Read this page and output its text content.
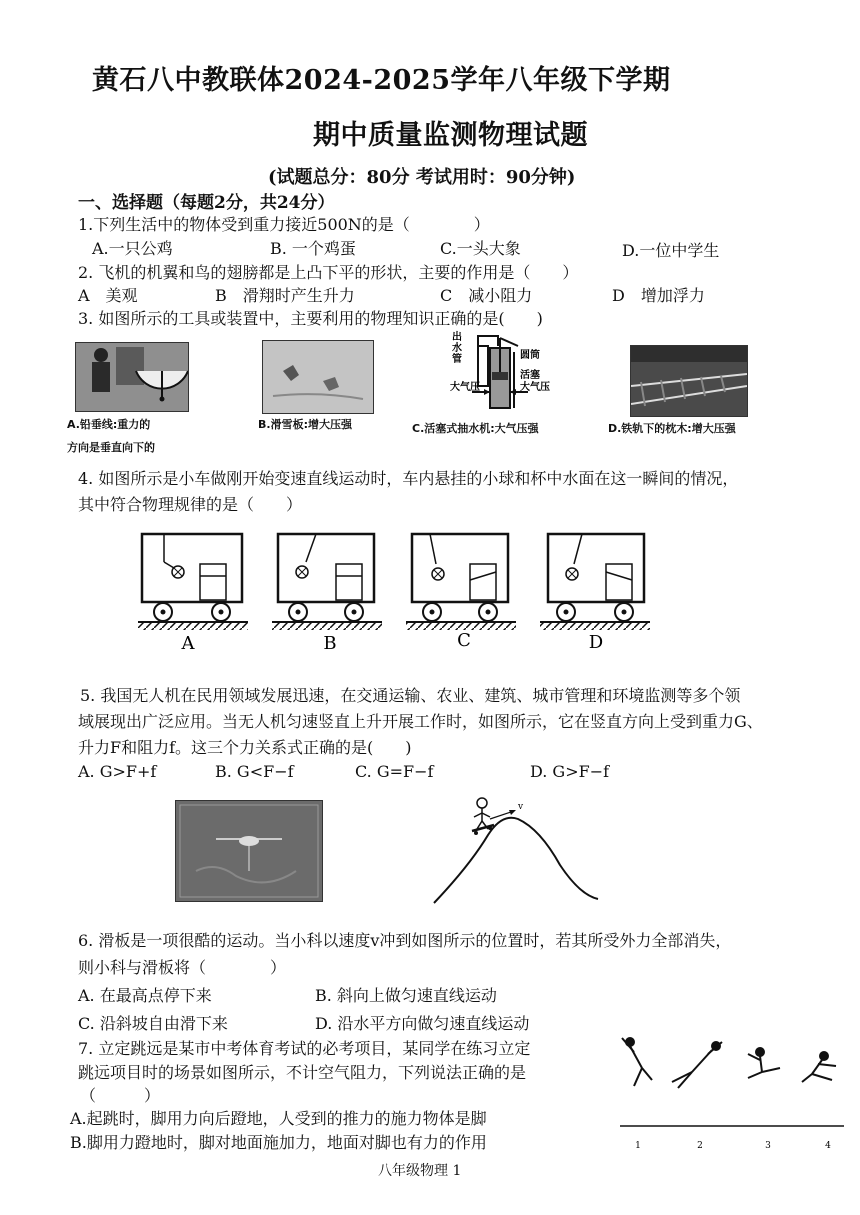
黄石八中教联体2024-2025学年八年级下学期
期中质量监测物理试题
(试题总分：80分 考试用时：90分钟)
一、选择题（每题2分，共24分）
1.下列生活中的物体受到重力接近500N的是（　　　　）
A.一只公鸡	B. 一个鸡蛋	C.一头大象	D.一位中学生
2. 飞机的机翼和鸟的翅膀都是上凸下平的形状，主要的作用是（　　）
A　美观	B　滑翔时产生升力	C　减小阻力	D　增加浮力
3. 如图所示的工具或装置中，主要利用的物理知识正确的是(　　)
A.铅垂线:重力的
方向是垂直向下的
B.滑雪板:增大压强
出
水
管	圆筒
活塞
大气压	大气压
C.活塞式抽水机:大气压强	D.铁轨下的枕木:增大压强
4. 如图所示是小车做刚开始变速直线运动时，车内悬挂的小球和杯中水面在这一瞬间的情况，
其中符合物理规律的是（　　）
A	B	C	D
5. 我国无人机在民用领域发展迅速，在交通运输、农业、建筑、城市管理和环境监测等多个领
域展现出广泛应用。当无人机匀速竖直上升开展工作时，如图所示，它在竖直方向上受到重力G、
升力F和阻力f。这三个力关系式正确的是(　　)
A. G>F+f	B. G<F−f	C. G=F−f	D. G>F−f
v
6. 滑板是一项很酷的运动。当小科以速度v冲到如图所示的位置时，若其所受外力全部消失，
则小科与滑板将（　　　　）
A. 在最高点停下来	B. 斜向上做匀速直线运动
C. 沿斜坡自由滑下来	D. 沿水平方向做匀速直线运动
7. 立定跳远是某市中考体育考试的必考项目，某同学在练习立定
跳远项目时的场景如图所示，不计空气阻力，下列说法正确的是
（　　　）
A.起跳时，脚用力向后蹬地，人受到的推力的施力物体是脚
B.脚用力蹬地时，脚对地面施加力，地面对脚也有力的作用	1	2	3	4
八年级物理 1
